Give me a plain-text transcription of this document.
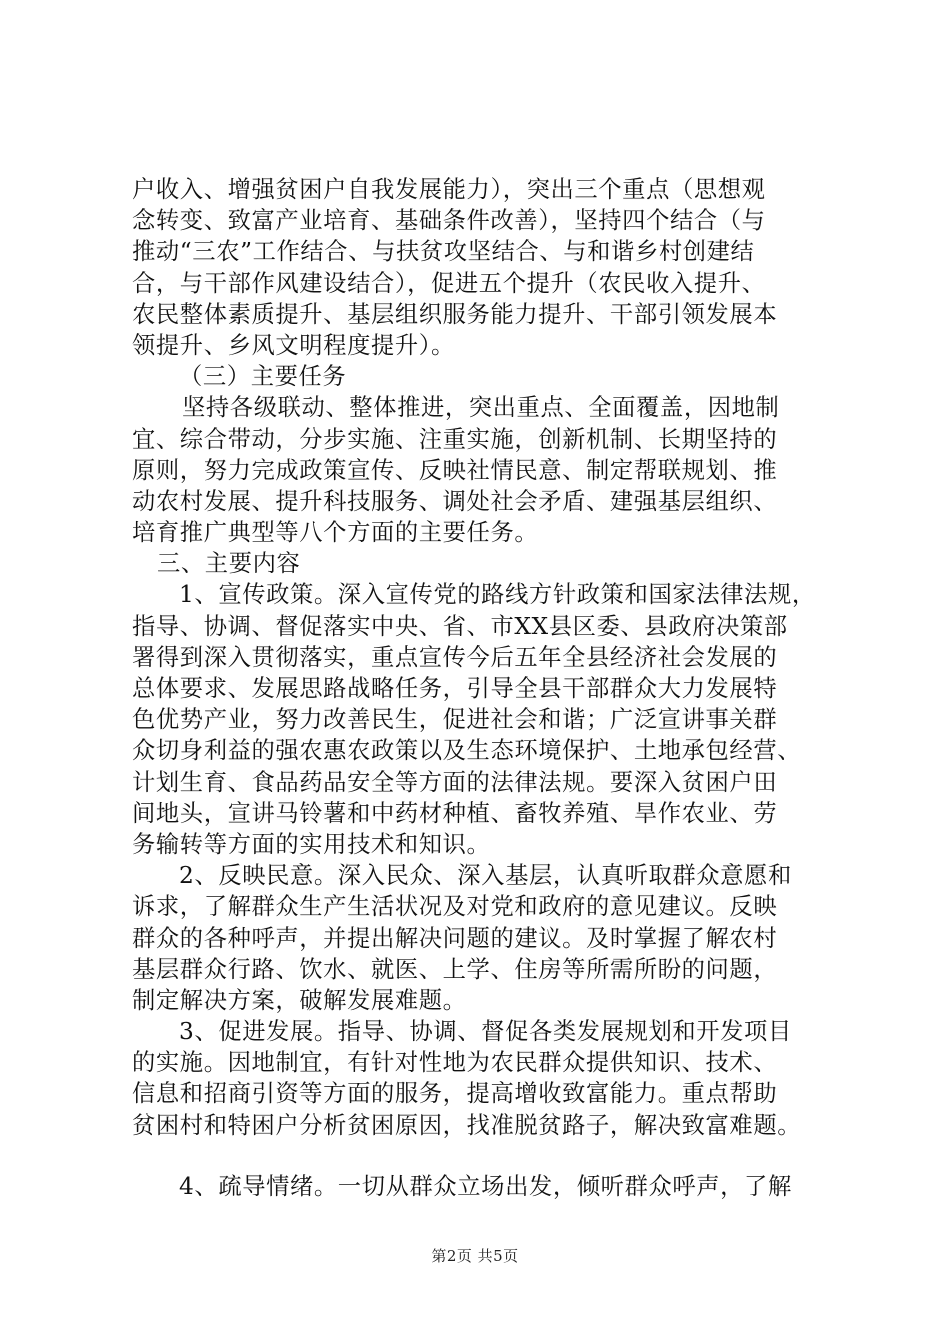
户收入、增强贫困户自我发展能力），突出三个重点（思想观
念转变、致富产业培育、基础条件改善），坚持四个结合（与
推动“三农”工作结合、与扶贫攻坚结合、与和谐乡村创建结
合，与干部作风建设结合），促进五个提升（农民收入提升、
农民整体素质提升、基层组织服务能力提升、干部引领发展本
领提升、乡风文明程度提升）。
（三）主要任务
坚持各级联动、整体推进，突出重点、全面覆盖，因地制
宜、综合带动，分步实施、注重实施，创新机制、长期坚持的
原则，努力完成政策宣传、反映社情民意、制定帮联规划、推
动农村发展、提升科技服务、调处社会矛盾、建强基层组织、
培育推广典型等八个方面的主要任务。
三、主要内容
1、宣传政策。深入宣传党的路线方针政策和国家法律法规，
指导、协调、督促落实中央、省、市XX县区委、县政府决策部
署得到深入贯彻落实，重点宣传今后五年全县经济社会发展的
总体要求、发展思路战略任务，引导全县干部群众大力发展特
色优势产业，努力改善民生，促进社会和谐；广泛宣讲事关群
众切身利益的强农惠农政策以及生态环境保护、土地承包经营、
计划生育、食品药品安全等方面的法律法规。要深入贫困户田
间地头，宣讲马铃薯和中药材种植、畜牧养殖、旱作农业、劳
务输转等方面的实用技术和知识。
2、反映民意。深入民众、深入基层，认真听取群众意愿和
诉求，了解群众生产生活状况及对党和政府的意见建议。反映
群众的各种呼声，并提出解决问题的建议。及时掌握了解农村
基层群众行路、饮水、就医、上学、住房等所需所盼的问题，
制定解决方案，破解发展难题。
3、促进发展。指导、协调、督促各类发展规划和开发项目
的实施。因地制宜，有针对性地为农民群众提供知识、技术、
信息和招商引资等方面的服务，提高增收致富能力。重点帮助
贫困村和特困户分析贫困原因，找准脱贫路子，解决致富难题。
4、疏导情绪。一切从群众立场出发，倾听群众呼声，了解
第2页 共5页
